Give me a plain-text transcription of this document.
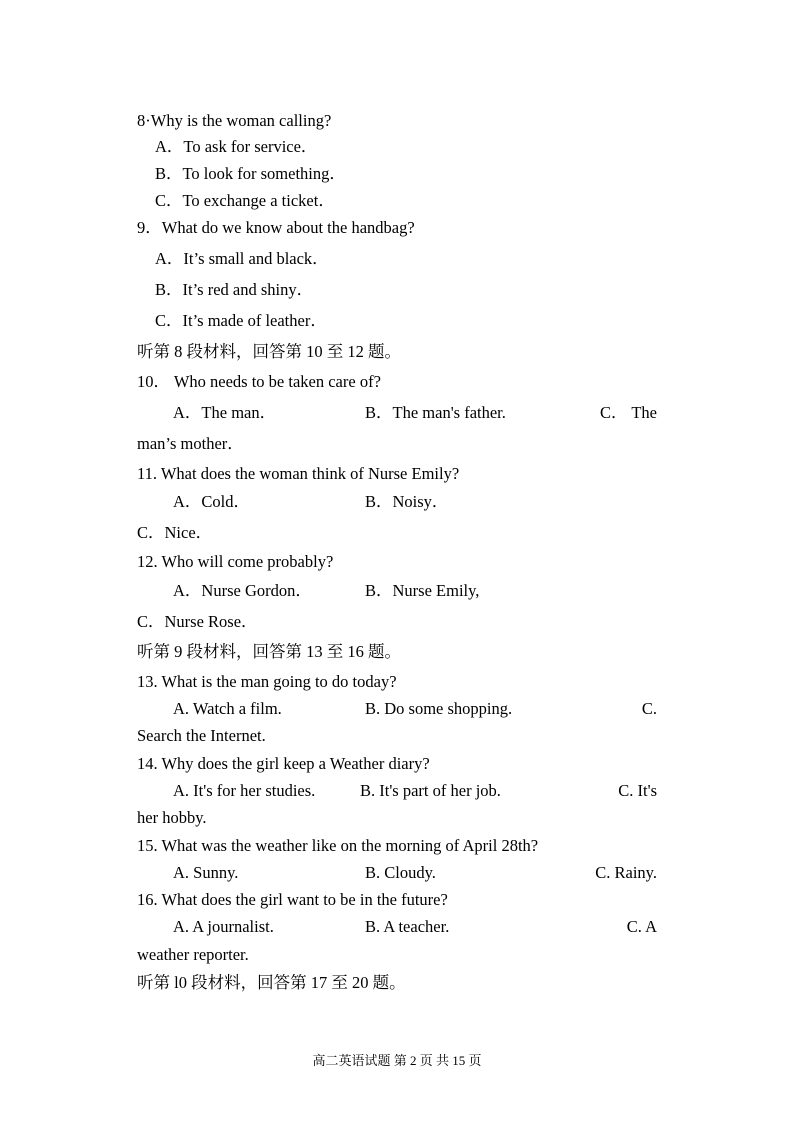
8·Why is the woman calling?
A．To ask for service．
B．To look for something．
C．To exchange a ticket．
9．What do we know about the handbag?
A．It’s small and black．
B．It’s red and shiny．
C．It’s made of leather．
听第 8 段材料，回答第 10 至 12 题。
10． Who needs to be taken care of?
A．The man．	B．The man's father.	C． The
man’s mother．
11. What does the woman think of Nurse Emily?
A．Cold．	B．Noisy．
C．Nice．
12. Who will come probably?
A．Nurse Gordon．	B．Nurse Emily,
C．Nurse Rose．
听第 9 段材料，回答第 13 至 16 题。
13. What is the man going to do today?
A. Watch a film.	B. Do some shopping.	C.
Search the Internet.
14. Why does the girl keep a Weather diary?
A. It's for her studies.	B. It's part of her job.	C. It's
her hobby.
15. What was the weather like on the morning of April 28th?
A. Sunny.	B. Cloudy.	C. Rainy.
16. What does the girl want to be in the future?
A. A journalist.	B. A teacher.	C. A
weather reporter.
听第 l0 段材料，回答第 17 至 20 题。
高二英语试题 第 2 页 共 15 页
